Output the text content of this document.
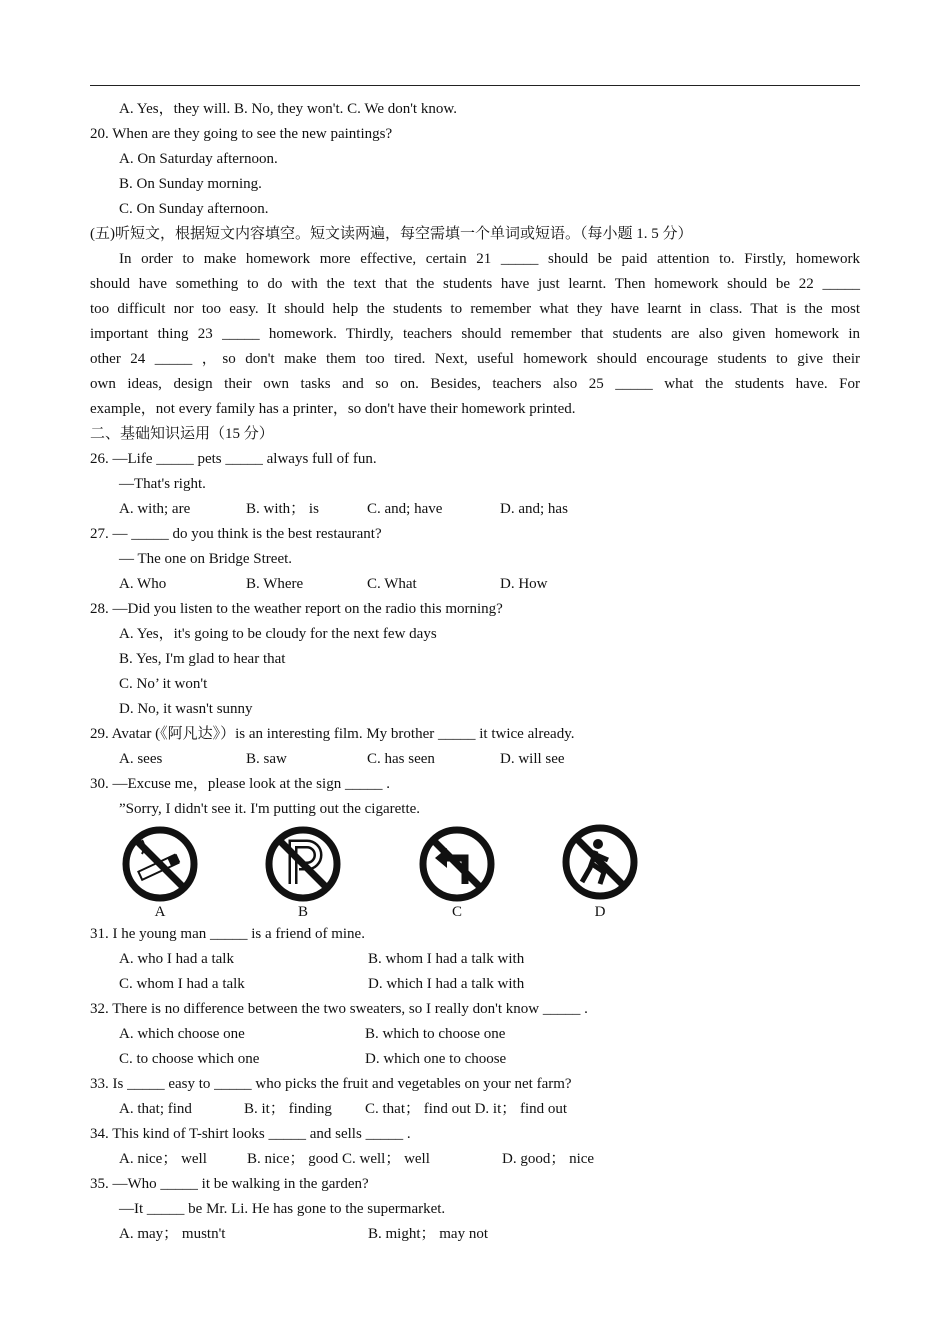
A. Yes，they will. B. No, they won't. C. We don't know.
20. When are they going to see the new paintings?
A. On Saturday afternoon.
B. On Sunday morning.
C. On Sunday afternoon.
(五)听短文，根据短文内容填空。短文读两遍，每空需填一个单词或短语。（每小题 1. 5 分）
In order to make homework more effective, certain 21 _____ should be paid attention to. Firstly, homework
should have something to do with the text that the students have just learnt. Then homework should be 22 _____
too difficult nor too easy. It should help the students to remember what they have learnt in class. That is the most
important thing 23 _____ homework. Thirdly, teachers should remember that students are also given homework in
other 24 _____ ，so don't make them too tired. Next, useful homework should encourage students to give their
own ideas, design their own tasks and so on. Besides, teachers also 25 _____ what the students have. For
example，not every family has a printer，so don't have their homework printed.
二、基础知识运用（15 分）
26. —Life _____ pets _____ always full of fun.
—That's right.
A. with; are	B. with； is	C. and; have	D. and; has
27. — _____ do you think is the best restaurant?
— The one on Bridge Street.
A. Who	B. Where	C. What	D. How
28. —Did you listen to the weather report on the radio this morning?
A. Yes，it's going to be cloudy for the next few days
B. Yes, I'm glad to hear that
C. No’ it won't
D. No, it wasn't sunny
29. Avatar (《阿凡达》）is an interesting film. My brother _____ it twice already.
A. sees	B. saw	C. has seen	D. will see
30. —Excuse me，please look at the sign _____ .
”Sorry, I didn't see it. I'm putting out the cigarette.
A	B	C	D
31. I he young man _____ is a friend of mine.
A. who I had a talk	B. whom I had a talk with
C. whom I had a talk	D. which I had a talk with
32. There is no difference between the two sweaters, so I really don't know _____ .
A. which choose one	B. which to choose one
C. to choose which one	D. which one to choose
33. Is _____ easy to _____ who picks the fruit and vegetables on your net farm?
A. that; find	B. it； finding	C. that； find out D. it； find out
34. This kind of T-shirt looks _____ and sells _____ .
A. nice； well	B. nice； good C. well； well	D. good； nice
35. —Who _____ it be walking in the garden?
—It _____ be Mr. Li. He has gone to the supermarket.
A. may； mustn't	B. might； may not
